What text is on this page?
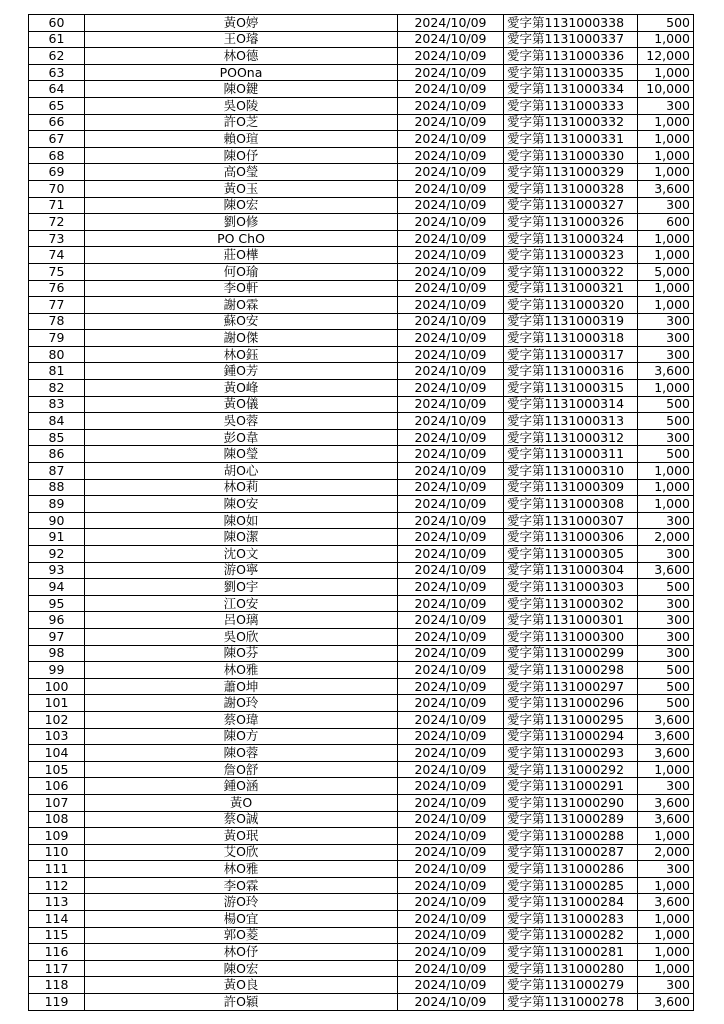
60	黃O婷	2024/10/09	愛字第1131000338	500
61	王O璿	2024/10/09	愛字第1131000337	1,000
62	林O德	2024/10/09	愛字第1131000336	12,000
63	POOna	2024/10/09	愛字第1131000335	1,000
64	陳O鍵	2024/10/09	愛字第1131000334	10,000
65	吳O陵	2024/10/09	愛字第1131000333	300
66	許O芝	2024/10/09	愛字第1131000332	1,000
67	賴O瑄	2024/10/09	愛字第1131000331	1,000
68	陳O伃	2024/10/09	愛字第1131000330	1,000
69	高O瑩	2024/10/09	愛字第1131000329	1,000
70	黃O玉	2024/10/09	愛字第1131000328	3,600
71	陳O宏	2024/10/09	愛字第1131000327	300
72	劉O修	2024/10/09	愛字第1131000326	600
73	PO ChO	2024/10/09	愛字第1131000324	1,000
74	莊O樺	2024/10/09	愛字第1131000323	1,000
75	何O瑜	2024/10/09	愛字第1131000322	5,000
76	李O軒	2024/10/09	愛字第1131000321	1,000
77	謝O霖	2024/10/09	愛字第1131000320	1,000
78	蘇O安	2024/10/09	愛字第1131000319	300
79	謝O傑	2024/10/09	愛字第1131000318	300
80	林O鈺	2024/10/09	愛字第1131000317	300
81	鍾O芳	2024/10/09	愛字第1131000316	3,600
82	黃O峰	2024/10/09	愛字第1131000315	1,000
83	黃O儀	2024/10/09	愛字第1131000314	500
84	吳O蓉	2024/10/09	愛字第1131000313	500
85	彭O韋	2024/10/09	愛字第1131000312	300
86	陳O瑩	2024/10/09	愛字第1131000311	500
87	胡O心	2024/10/09	愛字第1131000310	1,000
88	林O莉	2024/10/09	愛字第1131000309	1,000
89	陳O安	2024/10/09	愛字第1131000308	1,000
90	陳O如	2024/10/09	愛字第1131000307	300
91	陳O潔	2024/10/09	愛字第1131000306	2,000
92	沈O文	2024/10/09	愛字第1131000305	300
93	游O寧	2024/10/09	愛字第1131000304	3,600
94	劉O宇	2024/10/09	愛字第1131000303	500
95	江O安	2024/10/09	愛字第1131000302	300
96	呂O璃	2024/10/09	愛字第1131000301	300
97	吳O欣	2024/10/09	愛字第1131000300	300
98	陳O芬	2024/10/09	愛字第1131000299	300
99	林O雅	2024/10/09	愛字第1131000298	500
100	蕭O坤	2024/10/09	愛字第1131000297	500
101	謝O玲	2024/10/09	愛字第1131000296	500
102	蔡O瑋	2024/10/09	愛字第1131000295	3,600
103	陳O方	2024/10/09	愛字第1131000294	3,600
104	陳O蓉	2024/10/09	愛字第1131000293	3,600
105	詹O舒	2024/10/09	愛字第1131000292	1,000
106	鍾O涵	2024/10/09	愛字第1131000291	300
107	黃O	2024/10/09	愛字第1131000290	3,600
108	蔡O誠	2024/10/09	愛字第1131000289	3,600
109	黃O珉	2024/10/09	愛字第1131000288	1,000
110	艾O欣	2024/10/09	愛字第1131000287	2,000
111	林O雅	2024/10/09	愛字第1131000286	300
112	李O霖	2024/10/09	愛字第1131000285	1,000
113	游O玲	2024/10/09	愛字第1131000284	3,600
114	楊O宜	2024/10/09	愛字第1131000283	1,000
115	郭O菱	2024/10/09	愛字第1131000282	1,000
116	林O伃	2024/10/09	愛字第1131000281	1,000
117	陳O宏	2024/10/09	愛字第1131000280	1,000
118	黃O良	2024/10/09	愛字第1131000279	300
119	許O穎	2024/10/09	愛字第1131000278	3,600
